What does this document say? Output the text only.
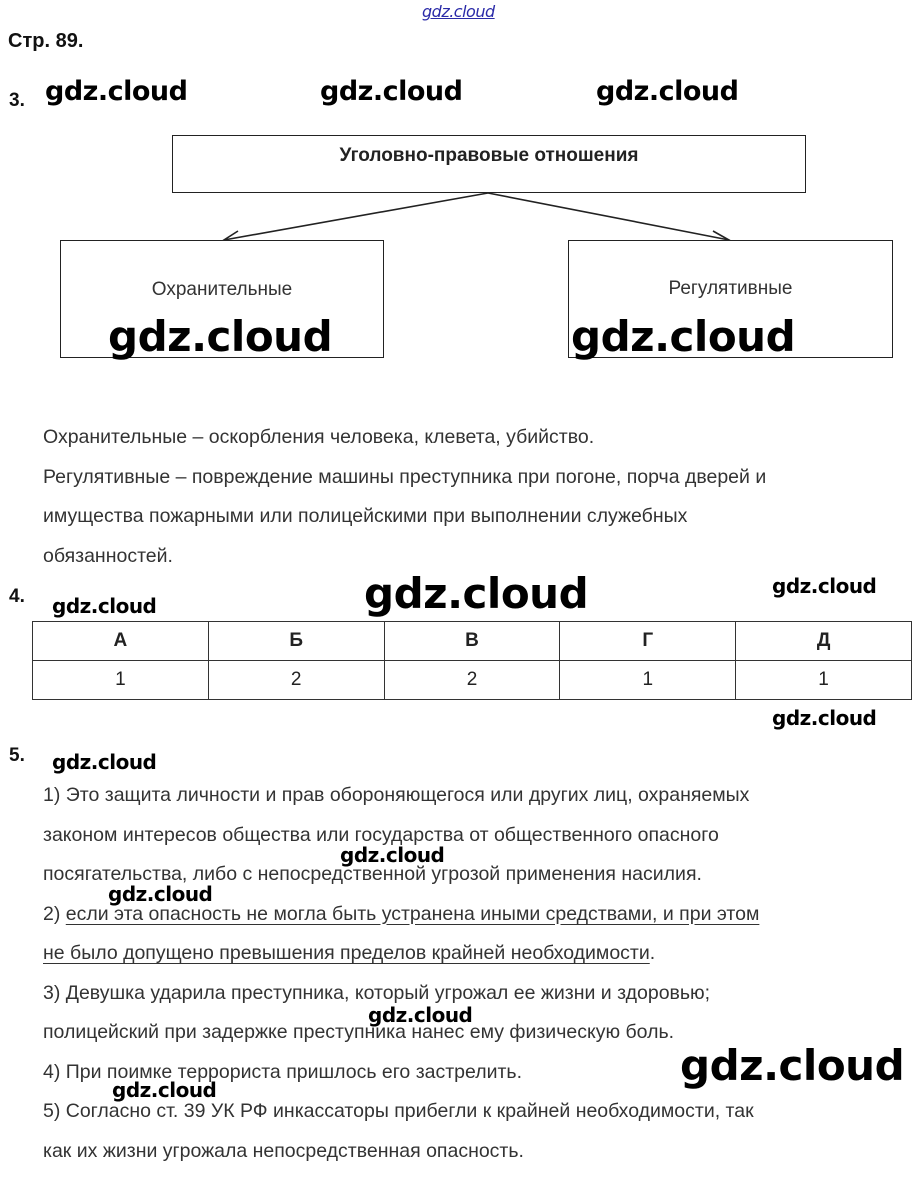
gdz.cloud
Стр. 89.
3. gdz.cloud	gdz.cloud	gdz.cloud
Уголовно-правовые отношения
Охранительные	Регулятивные
gdz.cloud	gdz.cloud
Охранительные – оскорбления человека, клевета, убийство.
Регулятивные – повреждение машины преступника при погоне, порча дверей и
имущества пожарными или полицейскими при выполнении служебных
обязанностей.
4. gdz.cloud	gdz.cloud	gdz.cloud
А	Б	В	Г	Д
1	2	2	1	1
gdz.cloud
5. gdz.cloud
1) Это защита личности и прав обороняющегося или других лиц, охраняемых
законом интересов общества или государства от общественного опасного
посягательства, либо с непосредственной угрозой применения насилия.
2) если эта опасность не могла быть устранена иными средствами, и при этом
не было допущено превышения пределов крайней необходимости.
3) Девушка ударила преступника, который угрожал ее жизни и здоровью;
полицейский при задержке преступника нанес ему физическую боль.
4) При поимке террориста пришлось его застрелить.
5) Согласно ст. 39 УК РФ инкассаторы прибегли к крайней необходимости, так
как их жизни угрожала непосредственная опасность.
gdz.cloud
gdz.cloud
gdz.cloud
gdz.cloud
gdz.cloud
